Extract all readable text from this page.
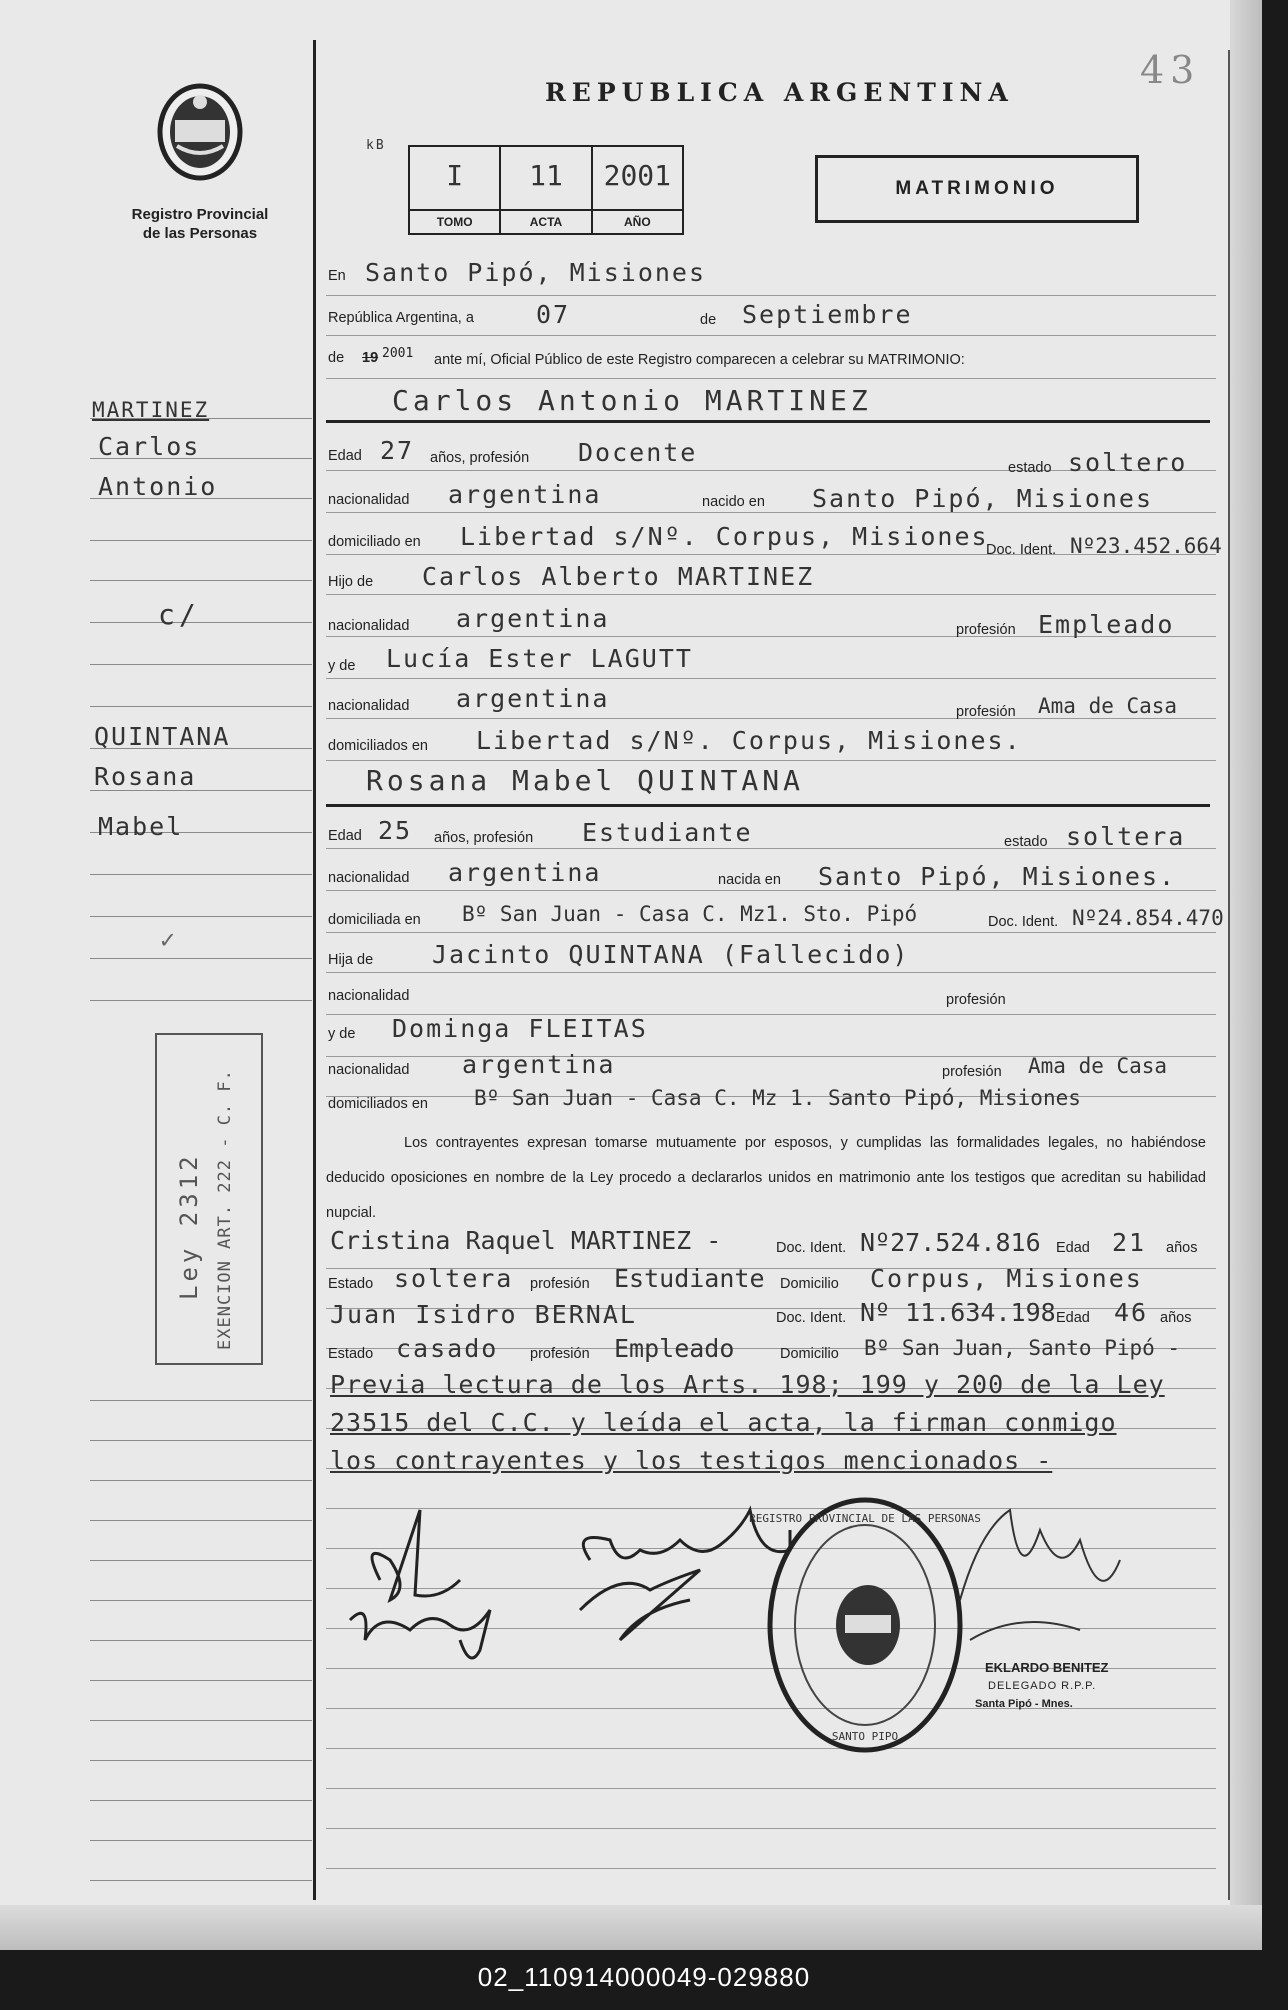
43
Registro Provincial
de las Personas
MARTINEZ
Carlos
Antonio
c/
QUINTANA
Rosana
Mabel
✓
Ley 2312 EXENCION ART. 222 - C. F.
REPUBLICA ARGENTINA
kB
I
TOMO
11
ACTA
2001
AÑO
MATRIMONIO
En Santo Pipó, Misiones
República Argentina, a 07	de Septiembre
de 19 2001 ante mí, Oficial Público de este Registro comparecen a celebrar su MATRIMONIO:
Carlos Antonio MARTINEZ
Edad 27 años, profesión Docente
estado soltero
nacionalidad argentina	nacido en Santo Pipó, Misiones
domiciliado en Libertad s/Nº. Corpus, Misiones
Doc. Ident. Nº23.452.664
Hijo de Carlos Alberto MARTINEZ
nacionalidad argentina	profesión Empleado
y de Lucía Ester LAGUTT
nacionalidad argentina	profesión Ama de Casa
domiciliados en Libertad s/Nº. Corpus, Misiones.
Rosana Mabel QUINTANA
Edad 25 años, profesión Estudiante	estado soltera
nacionalidad argentina	nacida en Santo Pipó, Misiones.
domiciliada en Bº San Juan - Casa C. Mz1. Sto. Pipó	Doc. Ident. Nº24.854.470
Hija de Jacinto QUINTANA (Fallecido)
nacionalidad	profesión
y de Dominga FLEITAS
nacionalidad argentina	profesión Ama de Casa
domiciliados en Bº San Juan - Casa C. Mz 1. Santo Pipó, Misiones
Los contrayentes expresan tomarse mutuamente por esposos, y cumplidas las formalidades legales, no habiéndose deducido oposiciones en nombre de la Ley procedo a declararlos unidos en matrimonio ante los testigos que acreditan su habilidad nupcial.
Cristina Raquel MARTINEZ -	Doc. Ident. Nº27.524.816 Edad 21 años
Estado soltera profesión Estudiante Domicilio Corpus, Misiones
Juan Isidro BERNAL	Doc. Ident. Nº 11.634.198 Edad 46 años
Estado casado profesión Empleado	Domicilio Bº San Juan, Santo Pipó -
Previa lectura de los Arts. 198; 199 y 200 de la Ley
23515 del C.C. y leída el acta, la firman conmigo
los contrayentes y los testigos mencionados -
REGISTRO PROVINCIAL DE LAS PERSONAS
SANTO PIPO
EKLARDO BENITEZ
DELEGADO R.P.P.
Santa Pipó - Mnes.
02_110914000049-029880
